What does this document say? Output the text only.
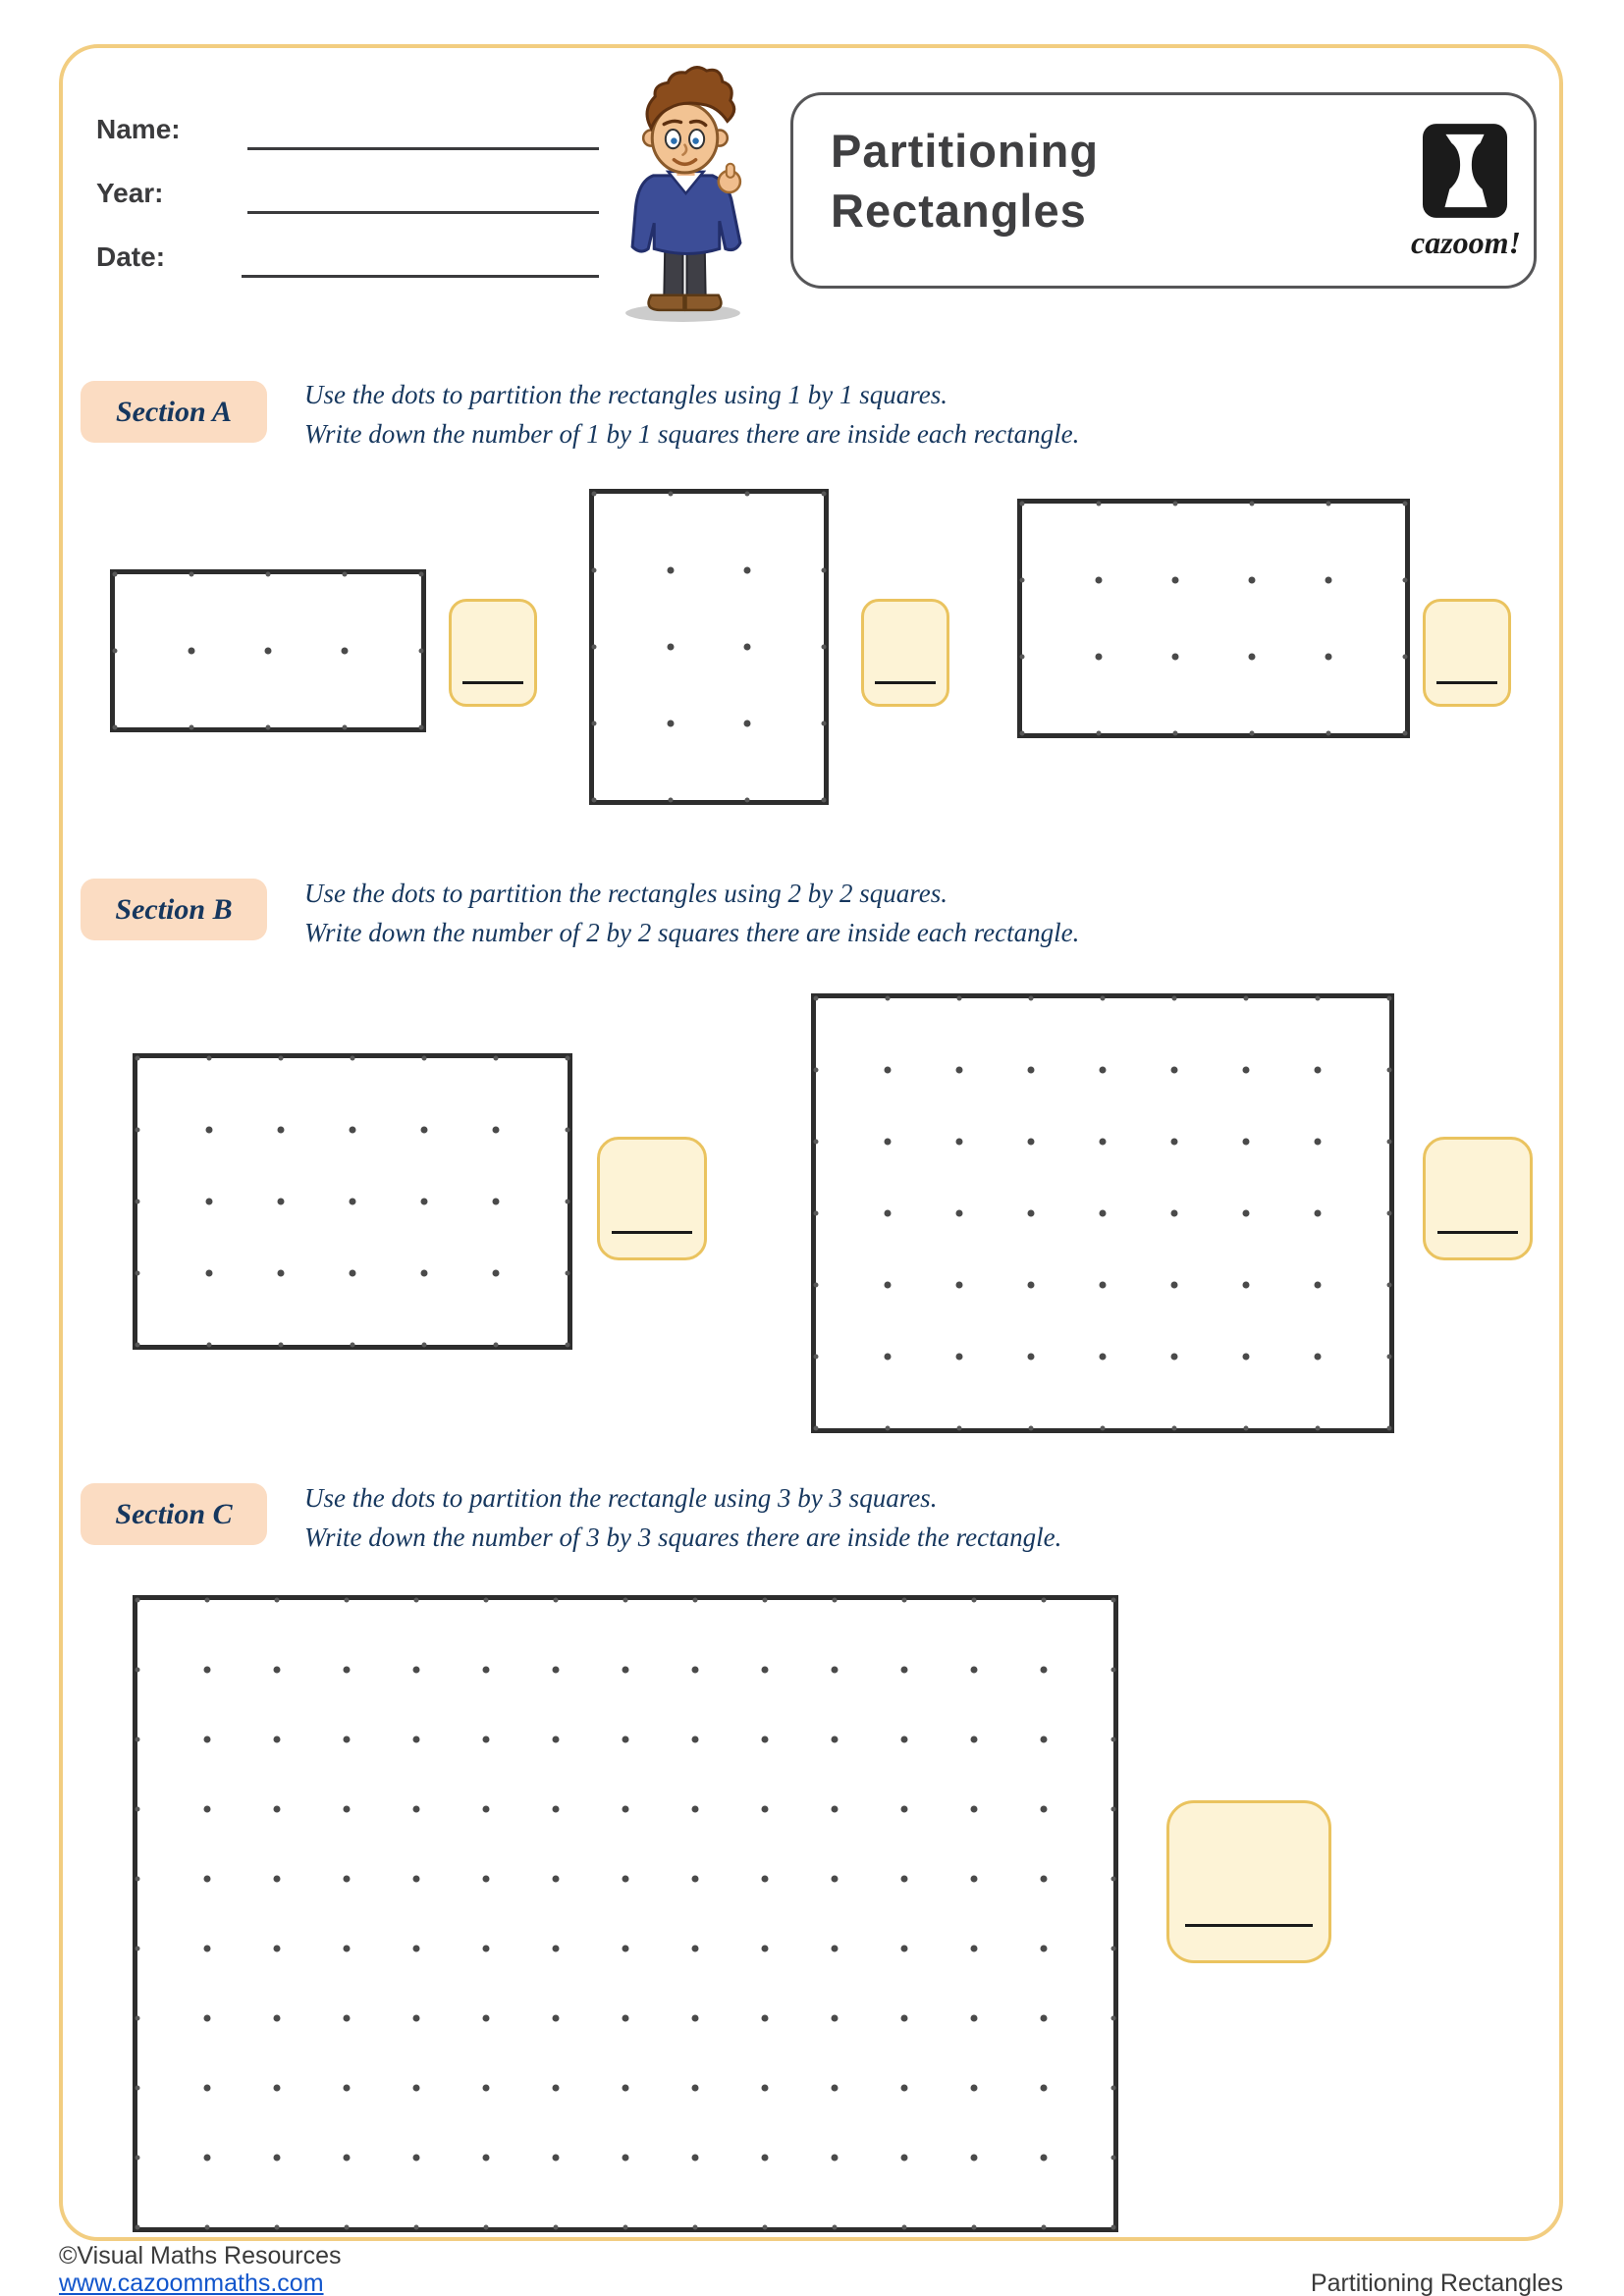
Name:
Year:
Date:
Partitioning
Rectangles
cazoom!
Section A
Use the dots to partition the rectangles using 1 by 1 squares.
Write down the number of 1 by 1 squares there are inside each rectangle.
Section B	Use the dots to partition the rectangles using 2 by 2 squares.
Write down the number of 2 by 2 squares there are inside each rectangle.
Section C	Use the dots to partition the rectangle using 3 by 3 squares.
Write down the number of 3 by 3 squares there are inside the rectangle.
©Visual Maths Resources
www.cazoommaths.com	Partitioning Rectangles
